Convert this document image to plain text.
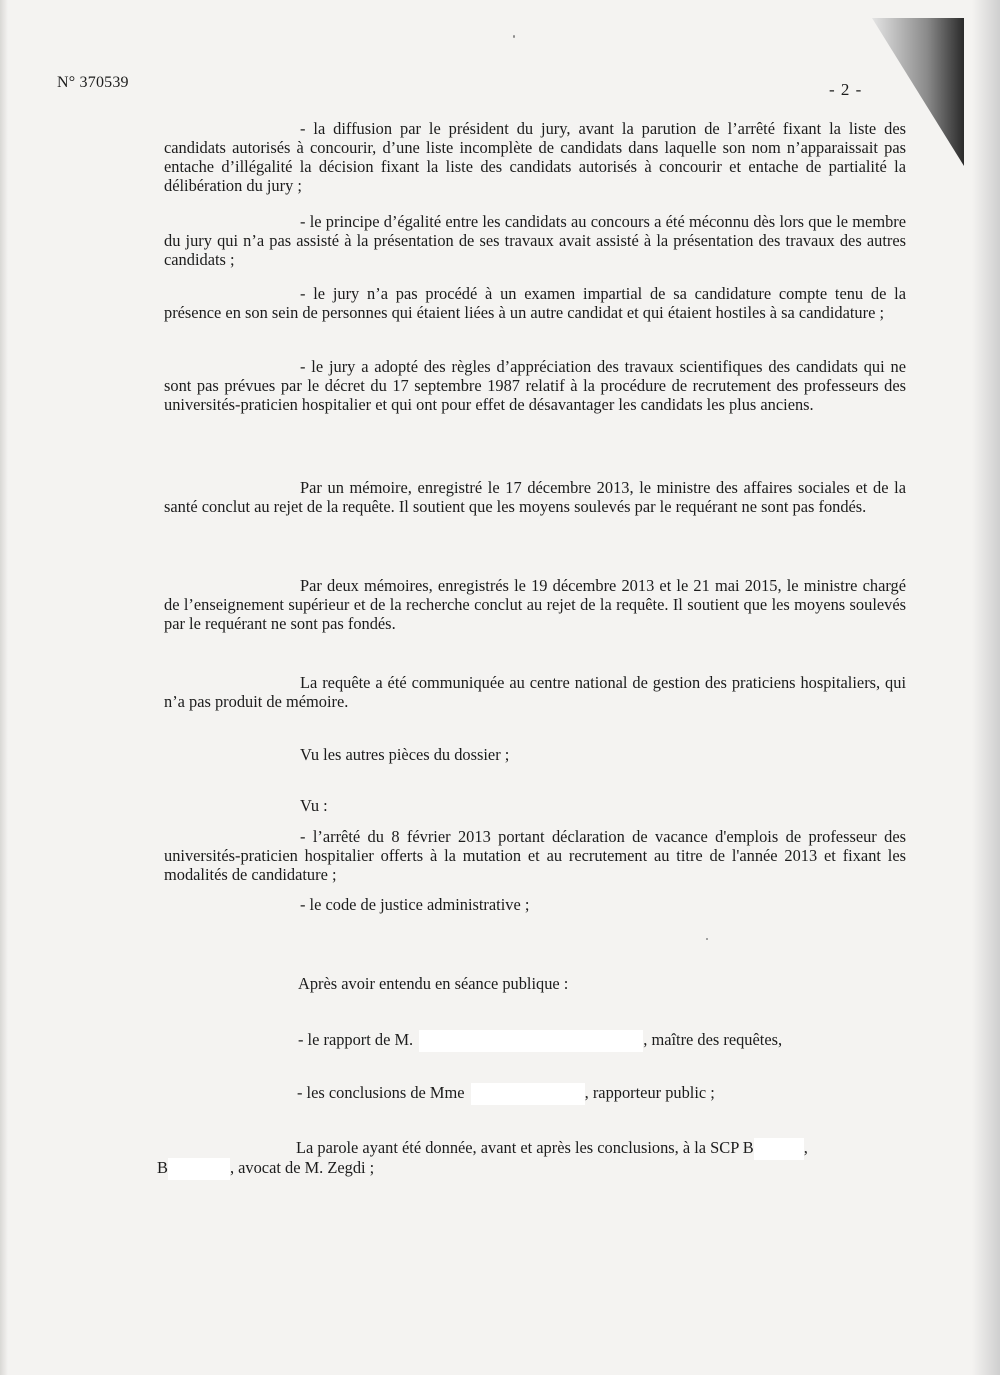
N° 370539	- 2 -
- la diffusion par le président du jury, avant la parution de l’arrêté fixant la liste des candidats autorisés à concourir, d’une liste incomplète de candidats dans laquelle son nom n’apparaissait pas entache d’illégalité la décision fixant la liste des candidats autorisés à concourir et entache de partialité la délibération du jury ;
- le principe d’égalité entre les candidats au concours a été méconnu dès lors que le membre du jury qui n’a pas assisté à la présentation de ses travaux avait assisté à la présentation des travaux des autres candidats ;
- le jury n’a pas procédé à un examen impartial de sa candidature compte tenu de la présence en son sein de personnes qui étaient liées à un autre candidat et qui étaient hostiles à sa candidature ;
- le jury a adopté des règles d’appréciation des travaux scientifiques des candidats qui ne sont pas prévues par le décret du 17 septembre 1987 relatif à la procédure de recrutement des professeurs des universités-praticien hospitalier et qui ont pour effet de désavantager les candidats les plus anciens.
Par un mémoire, enregistré le 17 décembre 2013, le ministre des affaires sociales et de la santé conclut au rejet de la requête. Il soutient que les moyens soulevés par le requérant ne sont pas fondés.
Par deux mémoires, enregistrés le 19 décembre 2013 et le 21 mai 2015, le ministre chargé de l’enseignement supérieur et de la recherche conclut au rejet de la requête. Il soutient que les moyens soulevés par le requérant ne sont pas fondés.
La requête a été communiquée au centre national de gestion des praticiens hospitaliers, qui n’a pas produit de mémoire.
Vu les autres pièces du dossier ;
Vu :
- l’arrêté du 8 février 2013 portant déclaration de vacance d'emplois de professeur des universités-praticien hospitalier offerts à la mutation et au recrutement au titre de l'année 2013 et fixant les modalités de candidature ;
- le code de justice administrative ;
Après avoir entendu en séance publique :
- le rapport de M.	, maître des requêtes,
- les conclusions de Mme	, rapporteur public ;
La parole ayant été donnée, avant et après les conclusions, à la SCP B	,
B	, avocat de M. Zegdi ;
